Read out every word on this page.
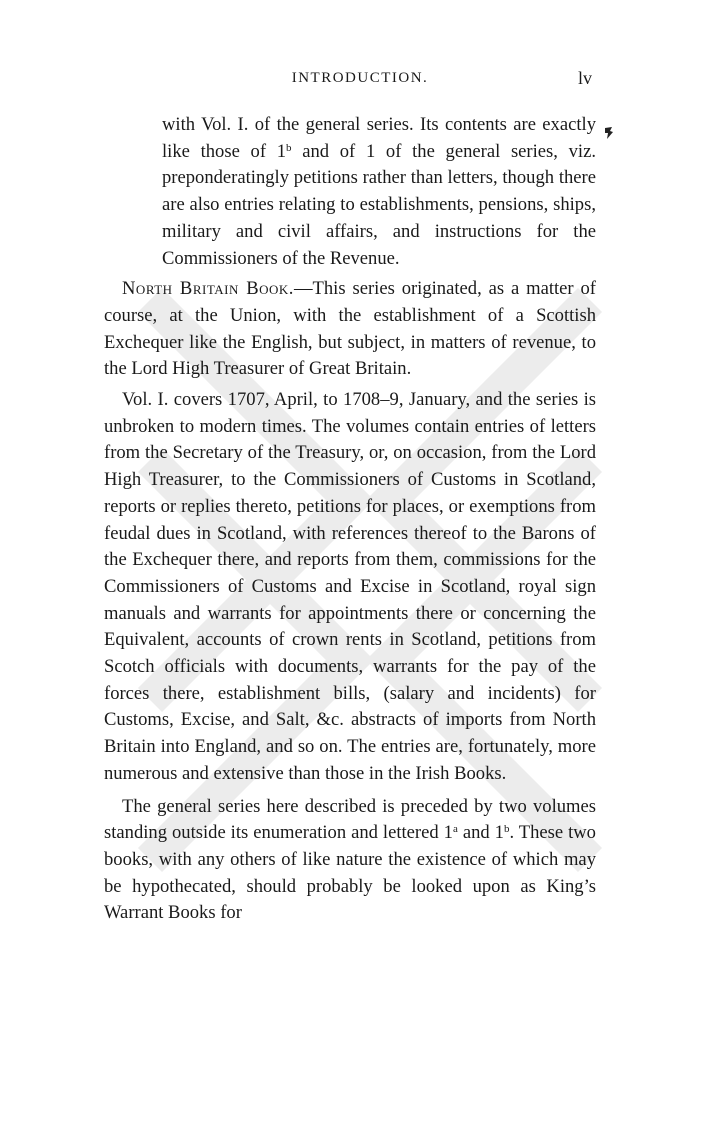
INTRODUCTION.	lv

with Vol. I. of the general series. Its contents are exactly like those of 1$^b$ and of 1 of the general series, viz. preponderatingly petitions rather than letters, though there are also entries relating to establishments, pensions, ships, military and civil affairs, and instructions for the Commissioners of the Revenue.

North Britain Book.—This series originated, as a matter of course, at the Union, with the establishment of a Scottish Exchequer like the English, but subject, in matters of revenue, to the Lord High Treasurer of Great Britain.

Vol. I. covers 1707, April, to 1708–9, January, and the series is unbroken to modern times. The volumes contain entries of letters from the Secretary of the Treasury, or, on occasion, from the Lord High Treasurer, to the Commissioners of Customs in Scotland, reports or replies thereto, petitions for places, or exemptions from feudal dues in Scotland, with references thereof to the Barons of the Exchequer there, and reports from them, commissions for the Commissioners of Customs and Excise in Scotland, royal sign manuals and warrants for appointments there or concerning the Equivalent, accounts of crown rents in Scotland, petitions from Scotch officials with documents, warrants for the pay of the forces there, establishment bills, (salary and incidents) for Customs, Excise, and Salt, &c. abstracts of imports from North Britain into England, and so on. The entries are, fortunately, more numerous and extensive than those in the Irish Books.

The general series here described is preceded by two volumes standing outside its enumeration and lettered 1$^a$ and 1$^b$. These two books, with any others of like nature the existence of which may be hypothecated, should probably be looked upon as King’s Warrant Books for
